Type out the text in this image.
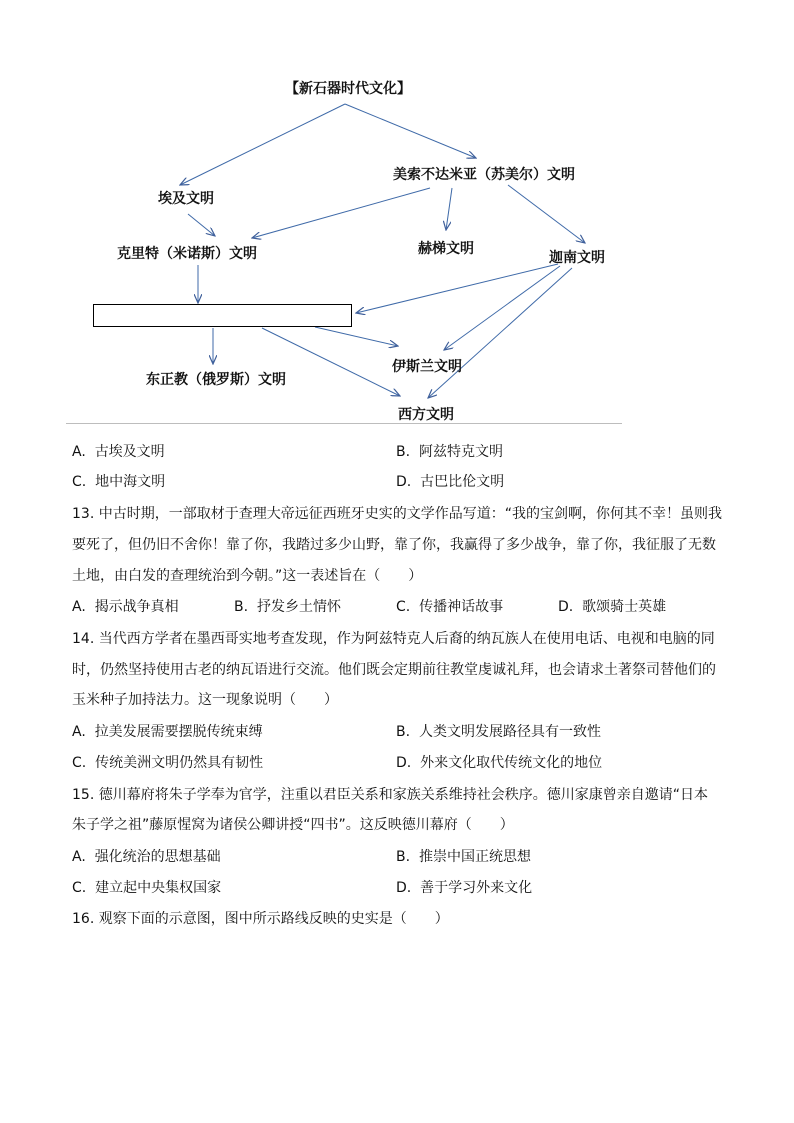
【新石器时代文化】
埃及文明
美索不达米亚（苏美尔）文明
克里特（米诺斯）文明	赫梯文明
迦南文明
东正教（俄罗斯）文明
伊斯兰文明
西方文明
A. 古埃及文明	B. 阿兹特克文明
C. 地中海文明	D. 古巴比伦文明
13. 中古时期，一部取材于查理大帝远征西班牙史实的文学作品写道：“我的宝剑啊，你何其不幸！虽则我
要死了，但仍旧不舍你！靠了你，我踏过多少山野，靠了你，我赢得了多少战争，靠了你，我征服了无数
土地，由白发的查理统治到今朝。”这一表述旨在（　　）
A. 揭示战争真相	B. 抒发乡土情怀	C. 传播神话故事	D. 歌颂骑士英雄
14. 当代西方学者在墨西哥实地考查发现，作为阿兹特克人后裔的纳瓦族人在使用电话、电视和电脑的同
时，仍然坚持使用古老的纳瓦语进行交流。他们既会定期前往教堂虔诚礼拜，也会请求土著祭司替他们的
玉米种子加持法力。这一现象说明（　　）
A. 拉美发展需要摆脱传统束缚	B. 人类文明发展路径具有一致性
C. 传统美洲文明仍然具有韧性	D. 外来文化取代传统文化的地位
15. 德川幕府将朱子学奉为官学，注重以君臣关系和家族关系维持社会秩序。德川家康曾亲自邀请“日本
朱子学之祖”藤原惺窝为诸侯公卿讲授“四书”。这反映德川幕府（　　）
A. 强化统治的思想基础	B. 推崇中国正统思想
C. 建立起中央集权国家	D. 善于学习外来文化
16. 观察下面的示意图，图中所示路线反映的史实是（　　）
